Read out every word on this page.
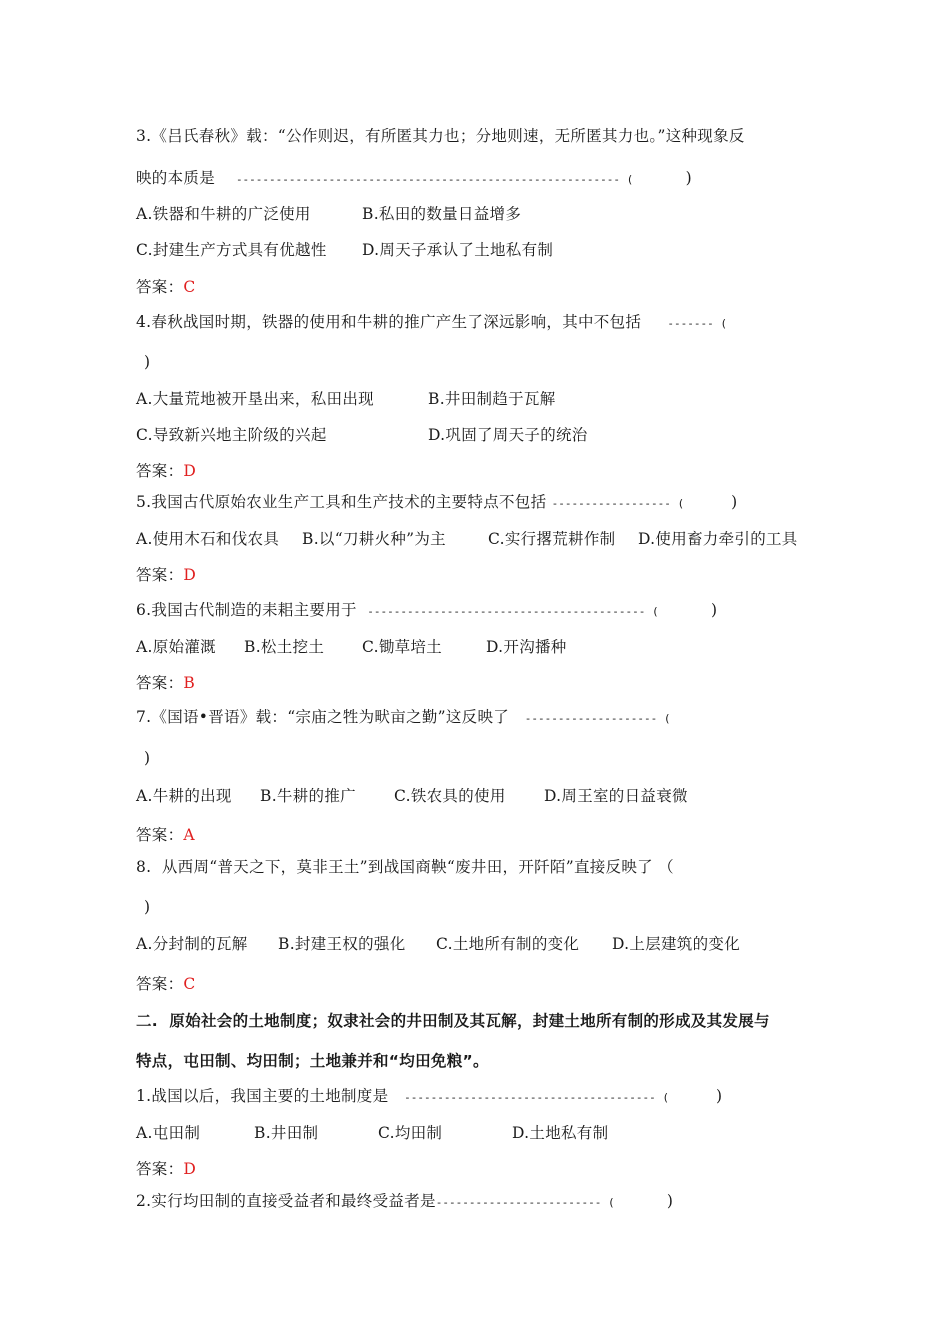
3.《吕氏春秋》载：“公作则迟，有所匿其力也；分地则速，无所匿其力也。”这种现象反
映的本质是 ---------------------------------------------------------- (	)
A.铁器和牛耕的广泛使用	B.私田的数量日益增多
C.封建生产方式具有优越性 D.周天子承认了土地私有制
答案：C
4.春秋战国时期，铁器的使用和牛耕的推广产生了深远影响，其中不包括 ------- (
)
A.大量荒地被开垦出来，私田出现	B.井田制趋于瓦解
C.导致新兴地主阶级的兴起	D.巩固了周天子的统治
答案：D
5.我国古代原始农业生产工具和生产技术的主要特点不包括 ------------------ (	)
A.使用木石和伐农具 B.以“刀耕火种”为主	C.实行撂荒耕作制 D.使用畜力牵引的工具
答案：D
6.我国古代制造的耒耜主要用于 ------------------------------------------ (	)
A.原始灌溉 B.松土挖土 C.锄草培土	D.开沟播种
答案：B
7.《国语•晋语》载：“宗庙之牲为畎亩之勤”这反映了 -------------------- (
)
A.牛耕的出现 B.牛耕的推广 C.铁农具的使用 D.周王室的日益衰微
答案：A
8.  从西周“普天之下，莫非王土”到战国商鞅“废井田，开阡陌”直接反映了 （
)
A.分封制的瓦解 B.封建王权的强化 C.土地所有制的变化 D.上层建筑的变化
答案：C
二.  原始社会的土地制度；奴隶社会的井田制及其瓦解，封建土地所有制的形成及其发展与
特点，屯田制、均田制；土地兼并和“均田免粮”。
1.战国以后，我国主要的土地制度是 -------------------------------------- (	)
A.屯田制	B.井田制	C.均田制	D.土地私有制
答案：D
2.实行均田制的直接受益者和最终受益者是------------------------- (	)
